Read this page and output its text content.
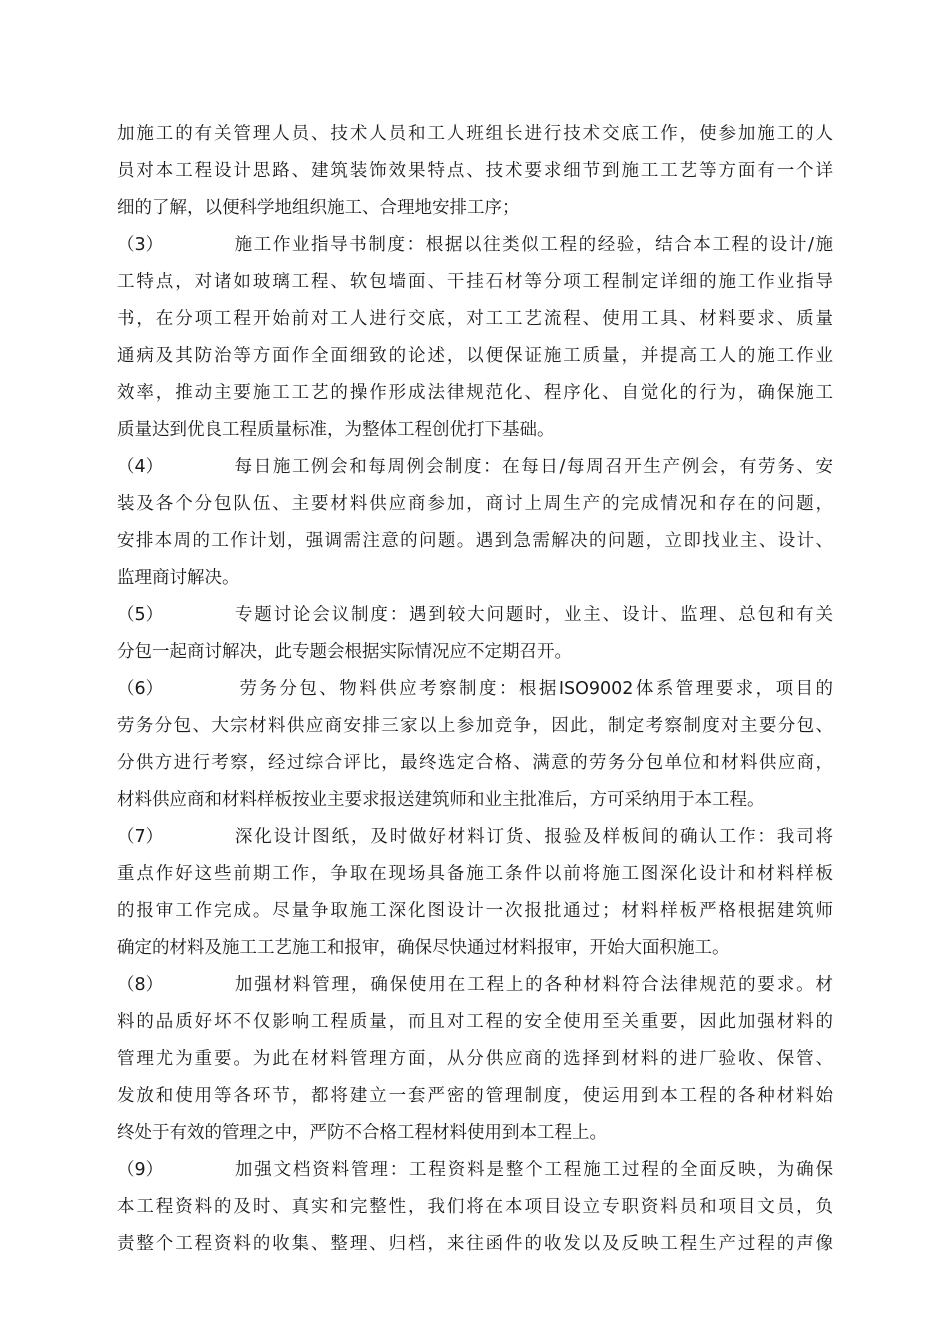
加施工的有关管理人员、技术人员和工人班组长进行技术交底工作，使参加施工的人
员对本工程设计思路、建筑装饰效果特点、技术要求细节到施工工艺等方面有一个详
细的了解，以便科学地组织施工、合理地安排工序；
（3）	施工作业指导书制度：根据以往类似工程的经验，结合本工程的设计/施
工特点，对诸如玻璃工程、软包墙面、干挂石材等分项工程制定详细的施工作业指导
书，在分项工程开始前对工人进行交底，对工工艺流程、使用工具、材料要求、质量
通病及其防治等方面作全面细致的论述，以便保证施工质量，并提高工人的施工作业
效率，推动主要施工工艺的操作形成法律规范化、程序化、自觉化的行为，确保施工
质量达到优良工程质量标准，为整体工程创优打下基础。
（4）	每日施工例会和每周例会制度：在每日/每周召开生产例会，有劳务、安
装及各个分包队伍、主要材料供应商参加，商讨上周生产的完成情况和存在的问题，
安排本周的工作计划，强调需注意的问题。遇到急需解决的问题，立即找业主、设计、
监理商讨解决。
（5）	专题讨论会议制度：遇到较大问题时，业主、设计、监理、总包和有关
分包一起商讨解决，此专题会根据实际情况应不定期召开。
（6）	劳务分包、物料供应考察制度：根据ISO9002体系管理要求，项目的
劳务分包、大宗材料供应商安排三家以上参加竞争，因此，制定考察制度对主要分包、
分供方进行考察，经过综合评比，最终选定合格、满意的劳务分包单位和材料供应商，
材料供应商和材料样板按业主要求报送建筑师和业主批准后，方可采纳用于本工程。
（7）	深化设计图纸，及时做好材料订货、报验及样板间的确认工作：我司将
重点作好这些前期工作，争取在现场具备施工条件以前将施工图深化设计和材料样板
的报审工作完成。尽量争取施工深化图设计一次报批通过；材料样板严格根据建筑师
确定的材料及施工工艺施工和报审，确保尽快通过材料报审，开始大面积施工。
（8）	加强材料管理，确保使用在工程上的各种材料符合法律规范的要求。材
料的品质好坏不仅影响工程质量，而且对工程的安全使用至关重要，因此加强材料的
管理尤为重要。为此在材料管理方面，从分供应商的选择到材料的进厂验收、保管、
发放和使用等各环节，都将建立一套严密的管理制度，使运用到本工程的各种材料始
终处于有效的管理之中，严防不合格工程材料使用到本工程上。
（9）	加强文档资料管理：工程资料是整个工程施工过程的全面反映，为确保
本工程资料的及时、真实和完整性，我们将在本项目设立专职资料员和项目文员，负
责整个工程资料的收集、整理、归档，来往函件的收发以及反映工程生产过程的声像
